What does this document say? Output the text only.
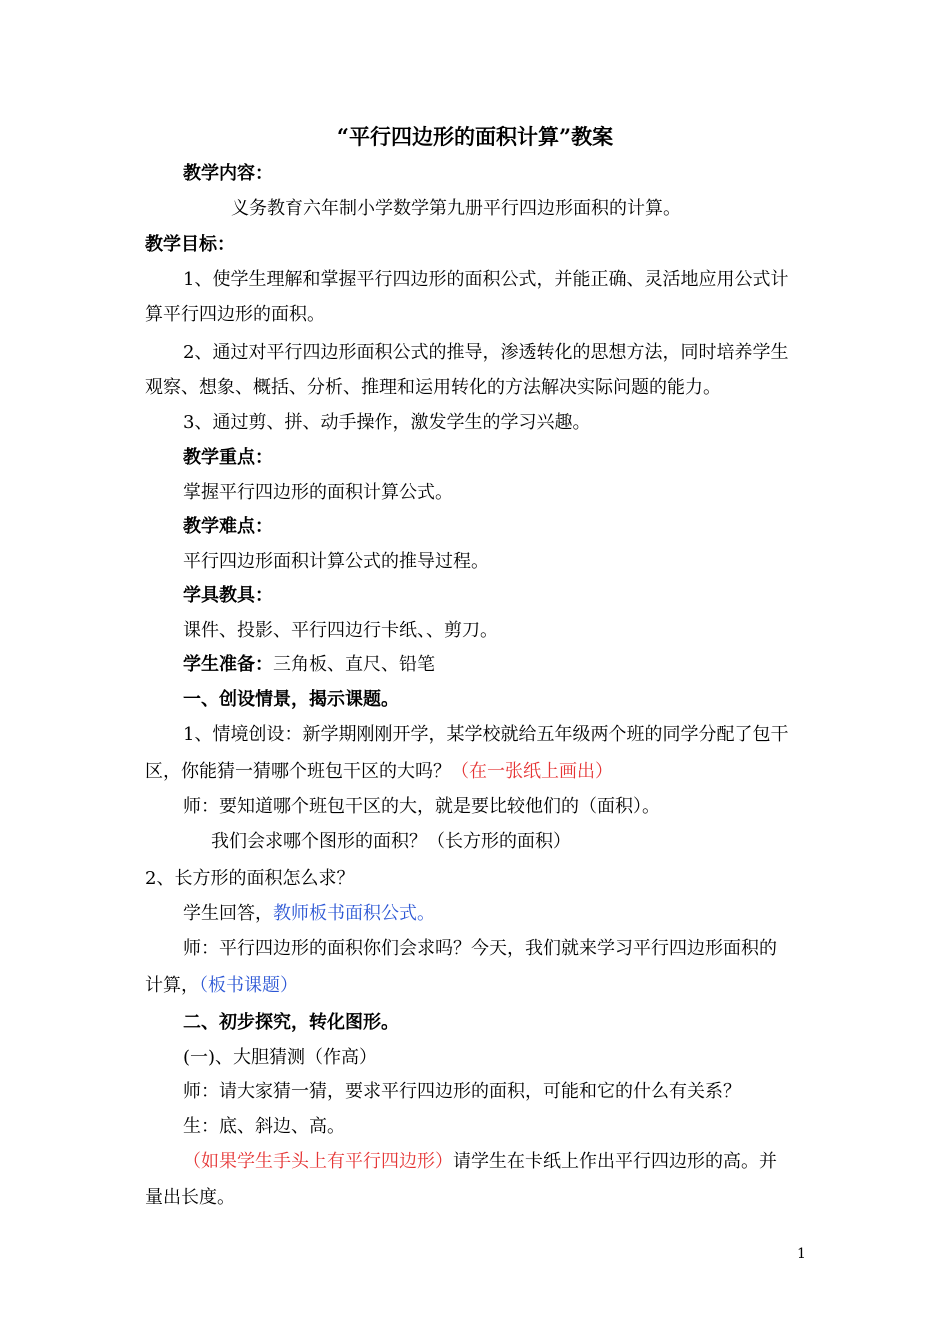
“平行四边形的面积计算”教案
教学内容：
义务教育六年制小学数学第九册平行四边形面积的计算。
教学目标：
1、使学生理解和掌握平行四边形的面积公式，并能正确、灵活地应用公式计
算平行四边形的面积。
2、通过对平行四边形面积公式的推导，渗透转化的思想方法，同时培养学生
观察、想象、概括、分析、推理和运用转化的方法解决实际问题的能力。
3、通过剪、拼、动手操作，激发学生的学习兴趣。
教学重点：
掌握平行四边形的面积计算公式。
教学难点：
平行四边形面积计算公式的推导过程。
学具教具：
课件、投影、平行四边行卡纸、、剪刀。
学生准备：三角板、直尺、铅笔
一、创设情景，揭示课题。
1、情境创设：新学期刚刚开学，某学校就给五年级两个班的同学分配了包干
区，你能猜一猜哪个班包干区的大吗？（在一张纸上画出）
师：要知道哪个班包干区的大，就是要比较他们的（面积）。
我们会求哪个图形的面积？（长方形的面积）
2、长方形的面积怎么求？
学生回答，教师板书面积公式。
师：平行四边形的面积你们会求吗？今天，我们就来学习平行四边形面积的
计算，（板书课题）
二、初步探究，转化图形。
(一)、大胆猜测（作高）
师：请大家猜一猜，要求平行四边形的面积，可能和它的什么有关系？
生：底、斜边、高。
（如果学生手头上有平行四边形）请学生在卡纸上作出平行四边形的高。并
量出长度。
1
